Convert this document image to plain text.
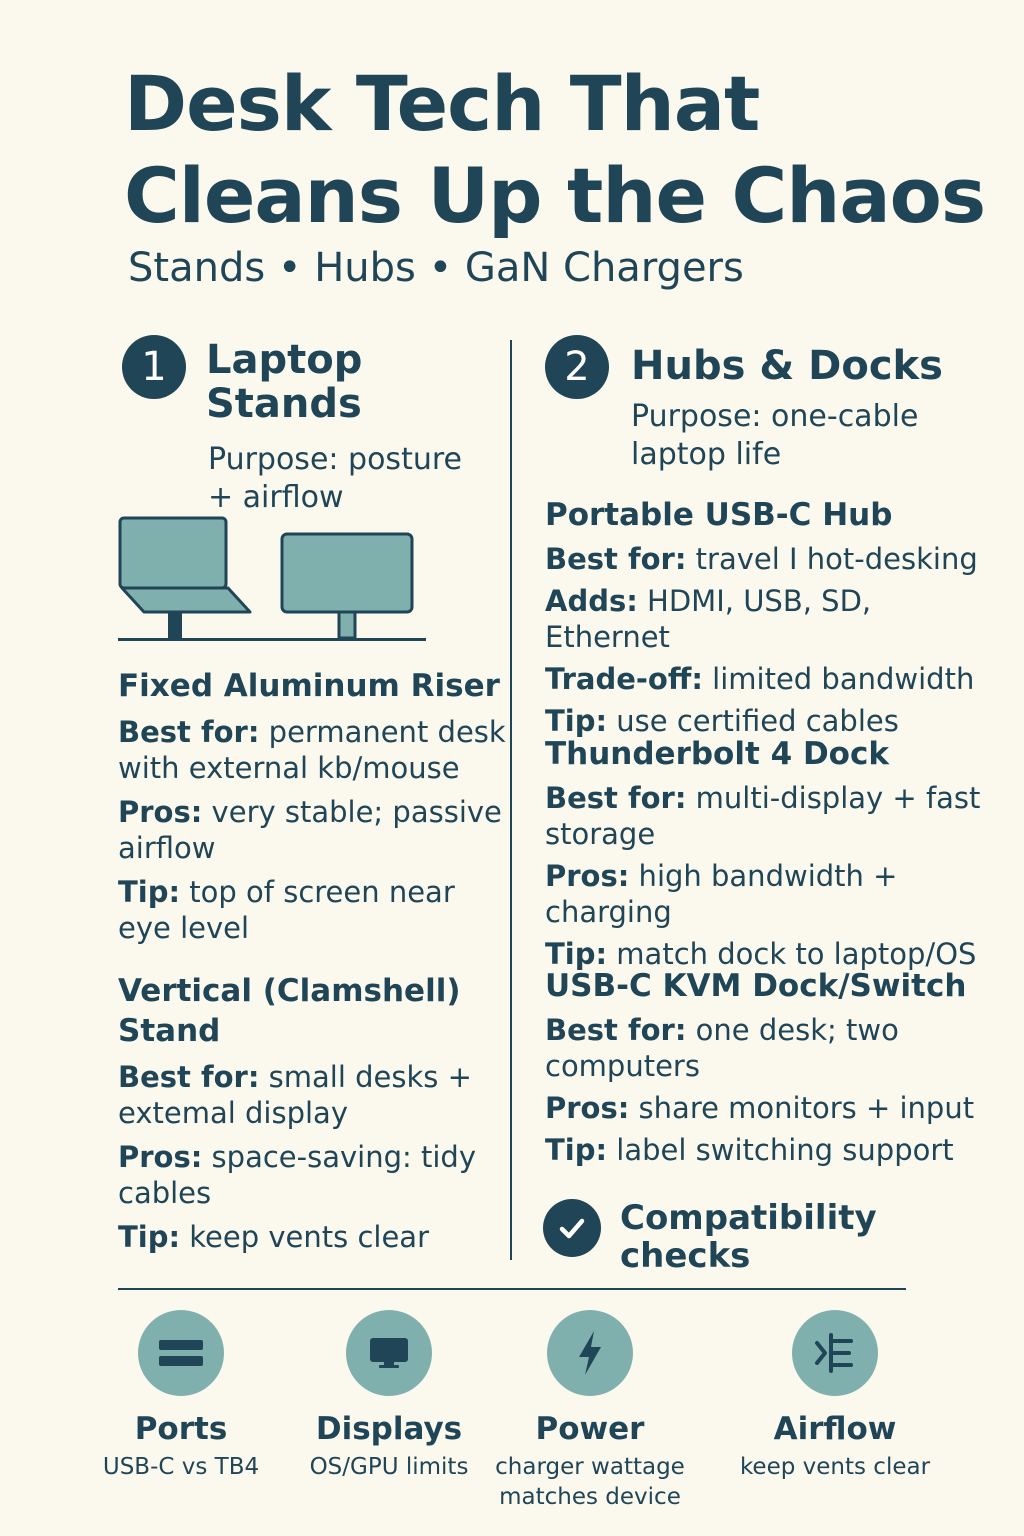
Desk Tech That
Cleans Up the Chaos
Stands • Hubs • GaN Chargers
1 Laptop
Stands
Purpose: posture
+ airflow
Fixed Aluminum Riser
Best for: permanent desk
with external kb/mouse
Pros: very stable; passive
airflow
Tip: top of screen near
eye level
Vertical (Clamshell)
Stand
Best for: small desks +
extemal display
Pros: space-saving: tidy
cables
Tip: keep vents clear
2	Hubs & Docks
Purpose: one-cable
laptop life
Portable USB-C Hub
Best for: travel I hot-desking
Adds: HDMI, USB, SD, Ethernet
Trade-off: limited bandwidth
Tip: use certified cables
Thunderbolt 4 Dock
Best for: multi-display + fast
storage
Pros: high bandwidth + charging
Tip: match dock to laptop/OS
USB-C KVM Dock/Switch
Best for: one desk; two
computers
Pros: share monitors + input
Tip: label switching support
Compatibility
checks
Ports
USB-C vs TB4
Displays
OS/GPU limits
Power
charger wattage
matches device
Airflow
keep vents clear
